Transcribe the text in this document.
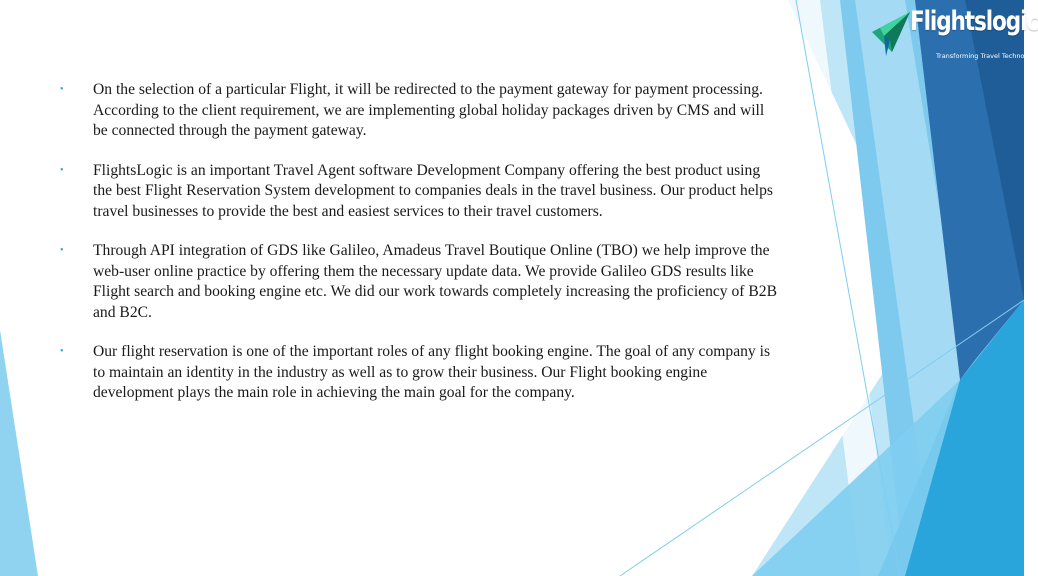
Flightslogic
Transforming Travel Technology
• On the selection of a particular Flight, it will be redirected to the payment gateway for payment processing. According to the client requirement, we are implementing global holiday packages driven by CMS and will be connected through the payment gateway.
• FlightsLogic is an important Travel Agent software Development Company offering the best product using the best Flight Reservation System development to companies deals in the travel business. Our product helps travel businesses to provide the best and easiest services to their travel customers.
• Through API integration of GDS like Galileo, Amadeus Travel Boutique Online (TBO) we help improve the web-user online practice by offering them the necessary update data. We provide Galileo GDS results like Flight search and booking engine etc. We did our work towards completely increasing the proficiency of B2B and B2C.
• Our flight reservation is one of the important roles of any flight booking engine. The goal of any company is to maintain an identity in the industry as well as to grow their business. Our Flight booking engine development plays the main role in achieving the main goal for the company.
